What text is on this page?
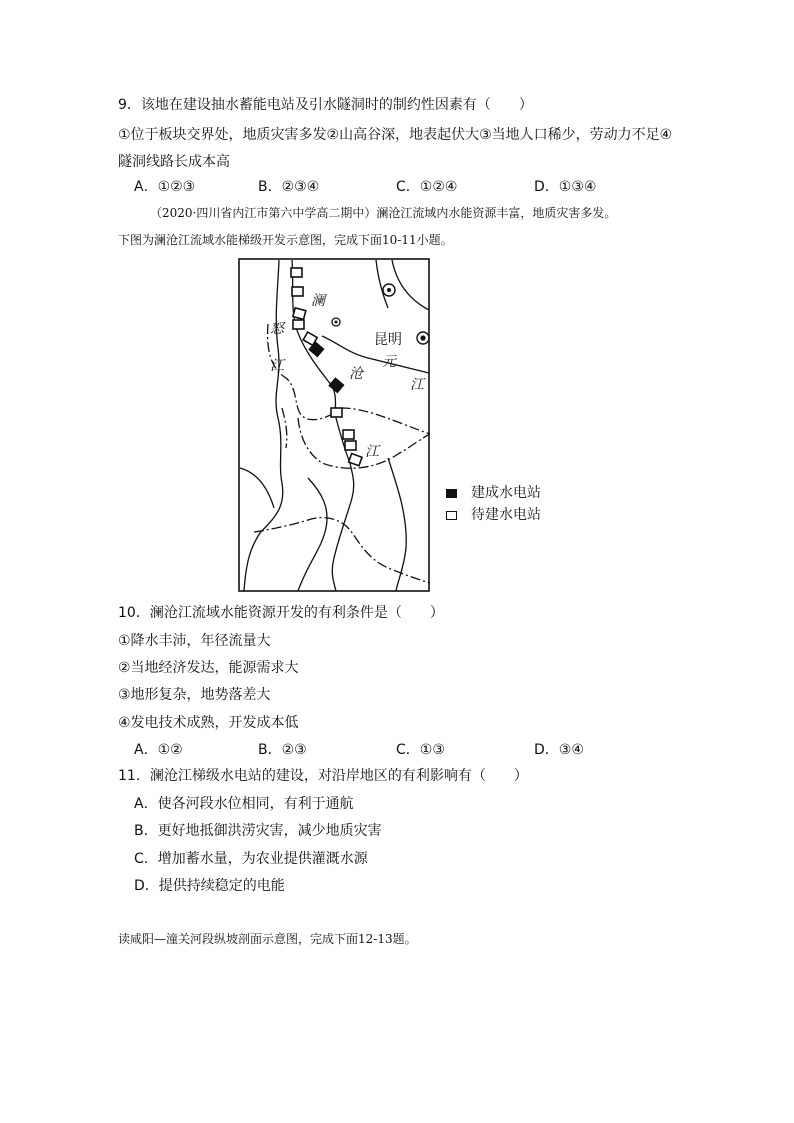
9．该地在建设抽水蓄能电站及引水隧洞时的制约性因素有（　　）
①位于板块交界处，地质灾害多发②山高谷深，地表起伏大③当地人口稀少，劳动力不足④
隧洞线路长成本高
A．①②③	B．②③④	C．①②④	D．①③④
（2020·四川省内江市第六中学高二期中）澜沧江流域内水能资源丰富，地质灾害多发。
下图为澜沧江流域水能梯级开发示意图，完成下面10-11小题。
澜
沧
江
怒
江	元
江
昆明
建成水电站
待建水电站
10．澜沧江流域水能资源开发的有利条件是（　　）
①降水丰沛，年径流量大
②当地经济发达，能源需求大
③地形复杂，地势落差大
④发电技术成熟，开发成本低
A．①②	B．②③	C．①③	D．③④
11．澜沧江梯级水电站的建设，对沿岸地区的有利影响有（　　）
A．使各河段水位相同，有利于通航
B．更好地抵御洪涝灾害，减少地质灾害
C．增加蓄水量，为农业提供灌溉水源
D．提供持续稳定的电能
读咸阳—潼关河段纵坡剖面示意图，完成下面12-13题。
